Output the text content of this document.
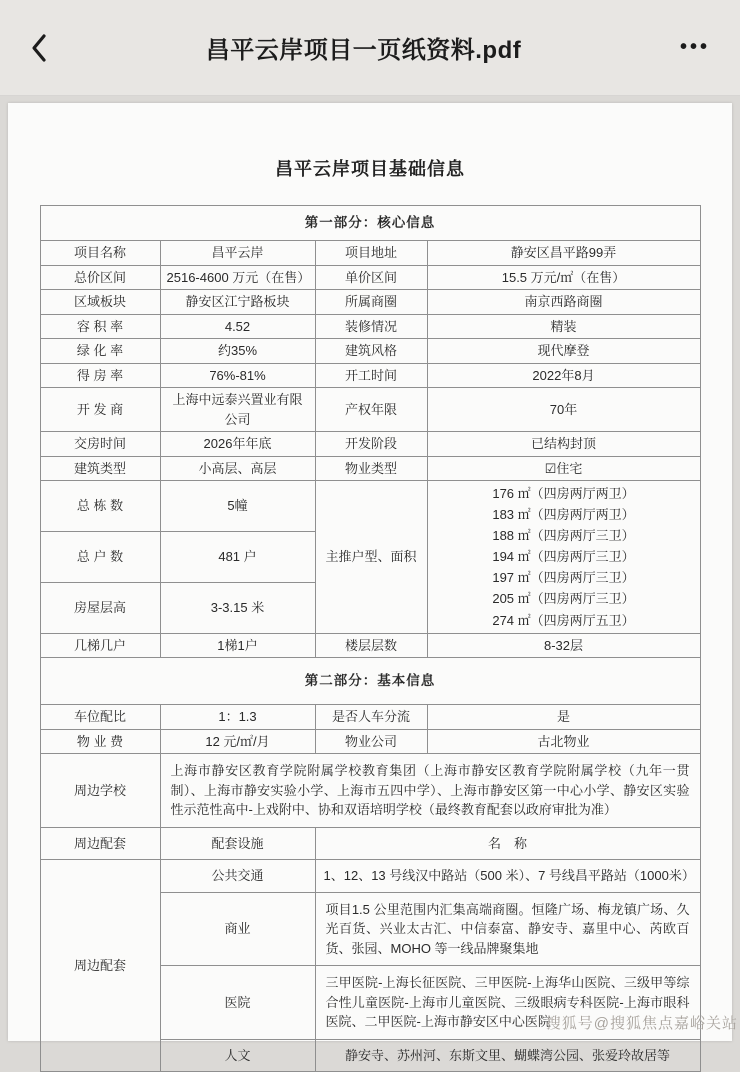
昌平云岸项目一页纸资料.pdf	•••
昌平云岸项目基础信息
第一部分：核心信息			
项目名称	昌平云岸	项目地址	静安区昌平路99弄
总价区间	2516-4600 万元（在售）	单价区间	15.5 万元/㎡（在售）
区域板块	静安区江宁路板块	所属商圈	南京西路商圈
容 积 率	4.52	装修情况	精装
绿 化 率	约35%	建筑风格	现代摩登
得 房 率	76%-81%	开工时间	2022年8月
开 发 商	上海中远泰兴置业有限公司	产权年限	70年
交房时间	2026年年底	开发阶段	已结构封顶
建筑类型	小高层、高层	物业类型	☑住宅
总 栋 数	5幢	主推户型、面积	
176 ㎡（四房两厅两卫）
183 ㎡（四房两厅两卫）
188 ㎡（四房两厅三卫）
194 ㎡（四房两厅三卫）
197 ㎡（四房两厅三卫）
205 ㎡（四房两厅三卫）
274 ㎡（四房两厅五卫）

总 户 数	481 户		
房屋层高	3-3.15 米		
几梯几户	1梯1户	楼层层数	8-32层
第二部分：基本信息			
车位配比	1：1.3	是否人车分流	是
物 业 费	12 元/㎡/月	物业公司	古北物业
周边学校	上海市静安区教育学院附属学校教育集团（上海市静安区教育学院附属学校（九年一贯制）、上海市静安实验小学、上海市五四中学）、上海市静安区第一中心小学、静安区实验性示范性高中-上戏附中、协和双语培明学校（最终教育配套以政府审批为准）		
周边配套	配套设施	名　称	
周边配套	公共交通	1、12、13 号线汉中路站（500 米）、7 号线昌平路站（1000米）	
	商业	项目1.5 公里范围内汇集高端商圈。恒隆广场、梅龙镇广场、久光百货、兴业太古汇、中信泰富、静安寺、嘉里中心、芮欧百货、张园、MOHO 等一线品牌聚集地	
	医院	三甲医院-上海长征医院、三甲医院-上海华山医院、三级甲等综合性儿童医院-上海市儿童医院、三级眼病专科医院-上海市眼科医院、二甲医院-上海市静安区中心医院	
	人文	静安寺、苏州河、东斯文里、蝴蝶湾公园、张爱玲故居等	
搜狐号@搜狐焦点嘉峪关站
